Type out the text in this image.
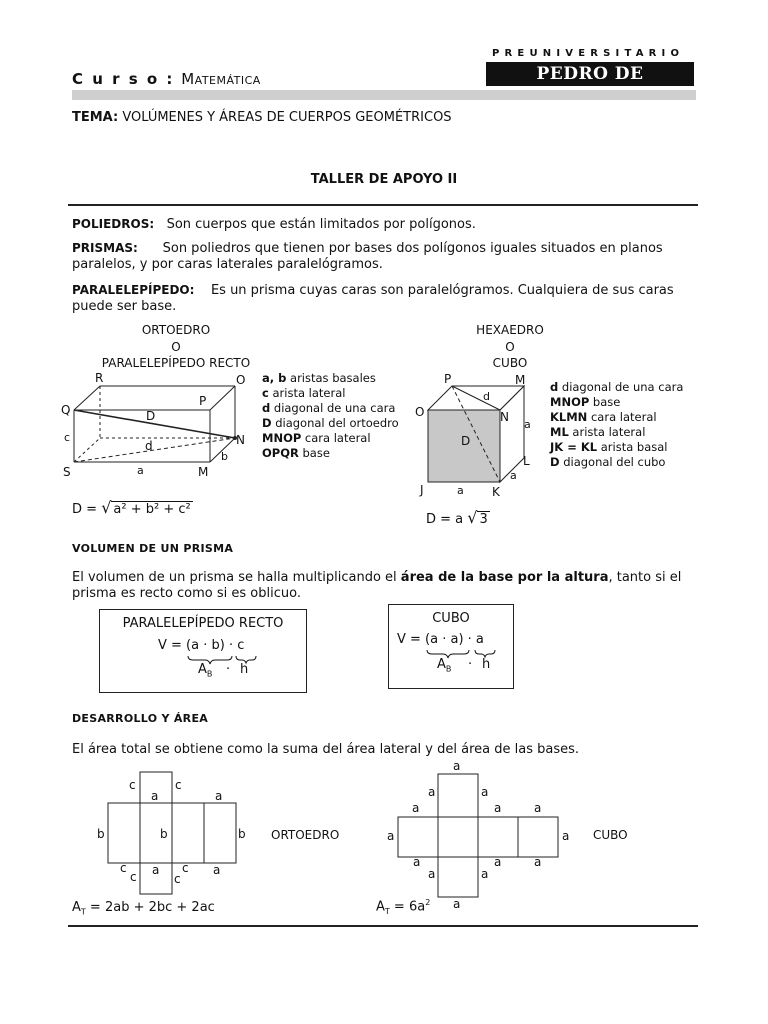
C u r s o : Matemática
PREUNIVERSITARIO
PEDRO DE
TEMA: VOLÚMENES Y ÁREAS DE CUERPOS GEOMÉTRICOS
TALLER DE APOYO II
POLIEDROS: Son cuerpos que están limitados por polígonos.
PRISMAS: Son poliedros que tienen por bases dos polígonos iguales situados en planos
paralelos, y por caras laterales paralelógramos.
PARALELEPÍPEDO: Es un prisma cuyas caras son paralelógramos. Cualquiera de sus caras
puede ser base.
ORTOEDRO
O
PARALELEPÍPEDO RECTO
R	O
Q
P
N
S	M
D
d
c
a
b
a, b aristas basales
c arista lateral
d diagonal de una cara
D diagonal del ortoedro
MNOP cara lateral
OPQR base
D = √ a² + b² + c²
HEXAEDRO
O
CUBO
P	M
O	N
L
J	K
d
D
a
a
a
d diagonal de una cara
MNOP base
KLMN cara lateral
ML arista lateral
JK = KL arista basal
D diagonal del cubo
D = a √ 3
VOLUMEN DE UN PRISMA
El volumen de un prisma se halla multiplicando el área de la base por la altura, tanto si el
prisma es recto como si es oblicuo.
PARALELEPÍPEDO RECTO
V = (a · b) · c
$A_B \cdot h$
CUBO
V = (a · a) · a
$A_B \cdot h$
DESARROLLO Y ÁREA
El área total se obtiene como la suma del área lateral y del área de las bases.
c	c
a	a
b	b	b
c
c a c
c
a
ORTOEDRO
$A_T = 2ab + 2bc + 2ac$
a
a	a
a	a	a
a	a
a	a	a
a	a
a
CUBO
$A_T = 6a^2$
